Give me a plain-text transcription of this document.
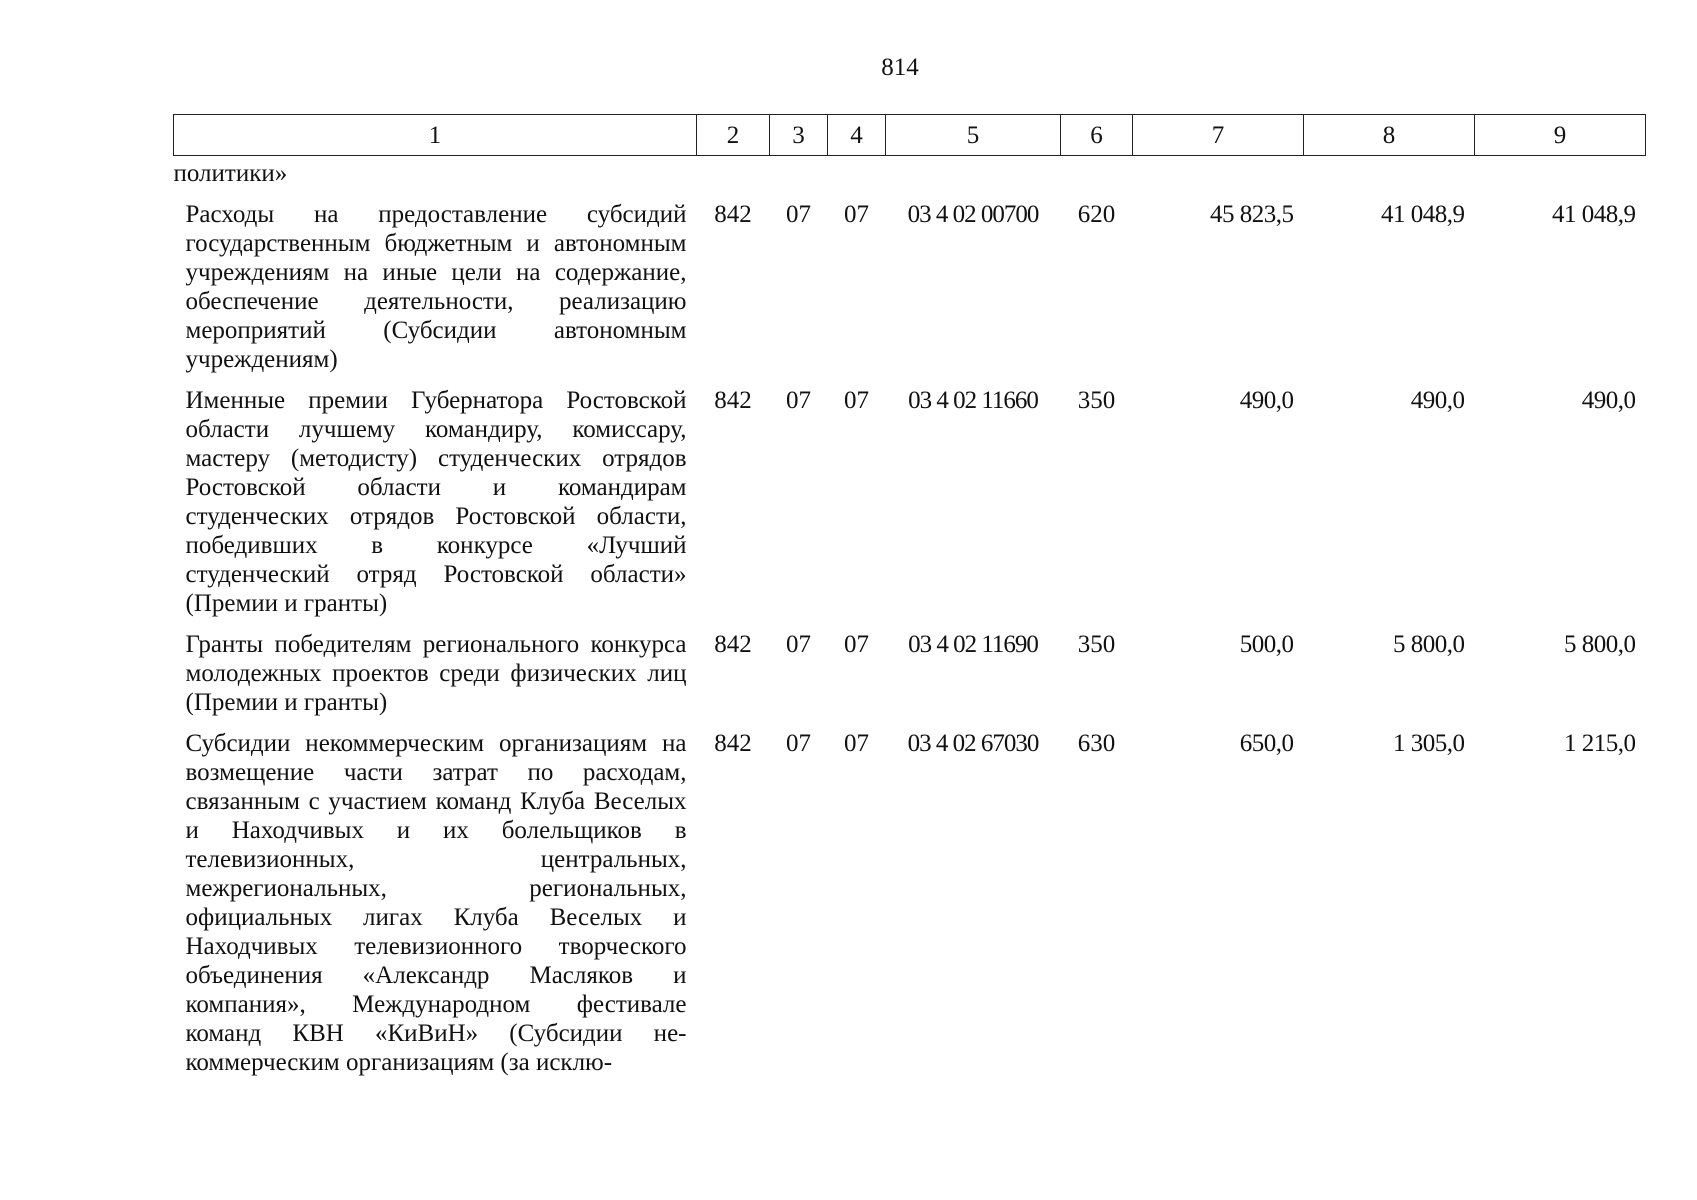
814
1	2	3	4	5	6	7	8	9
политики»								
Расходы на предоставление субсидий государственным бюджетным и автономным учреждениям на иные цели на содержание, обеспечение деятельности, реализацию мероприятий (Субсидии автономным учреждениям)	842	07	07	03 4 02 00700	620	45 823,5	41 048,9	41 048,9
Именные премии Губернатора Ростовской области лучшему командиру, комиссару, мастеру (методисту) студенческих отрядов Ростовской области и командирам студенческих отрядов Ростовской области, победивших в конкурсе «Лучший студенческий отряд Ростовской области» (Премии и гранты)	842	07	07	03 4 02 11660	350	490,0	490,0	490,0
Гранты победителям регионального конкурса молодежных проектов среди физических лиц (Премии и гранты)	842	07	07	03 4 02 11690	350	500,0	5 800,0	5 800,0
Субсидии некоммерческим организациям на возмещение части затрат по расходам, связанным с участием команд Клуба Веселых и Находчивых и их болельщиков в телевизионных, центральных, межрегиональных, региональных, официальных лигах Клуба Веселых и Находчивых телевизионного творческого объединения «Александр Масляков и компания», Международном фестивале команд КВН «КиВиН» (Субсидии некоммерческим организациям (за исклю-	842	07	07	03 4 02 67030	630	650,0	1 305,0	1 215,0
